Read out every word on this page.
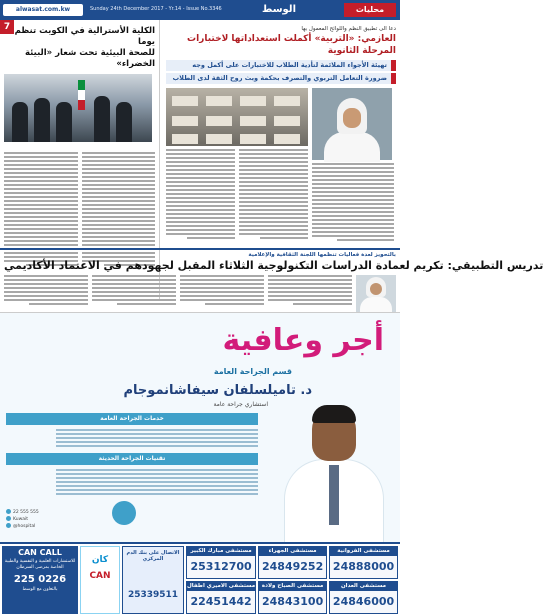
alwasat.com.kw	Sunday 24th December 2017 - Yr.14 - Issue No.3346	الوسط	محليات
الكلية الأسترالية في الكويت تنظم يوما
للصحة البيئية تحت شعار «البيئة الخضراء»
دعا الى تطبيق النظم واللوائح المعمول بها
العازمي: «التربية» أكملت استعداداتها لاختبارات المرحلة الثانوية
تهيئة الأجواء الملائمة لتأدية الطلاب للاختبارات على أكمل وجه
ضرورة التعامل التربوي والتصرف بحكمة وبث روح الثقة لدى الطلاب
بالتحويز لعدة فعاليات تنظمها اللجنة الثقافية والإعلامية
تدريس التطبيقي: تكريم لعمادة الدراسات التكنولوجية الثلاثاء المقبل لجهودهم في الاعتماد الأكاديمي
أجر وعافية
قسم الجراحة العامة
د. تاميلسلفان سيفاشانموجام
استشاري جراحة عامة
خدمات الجراحة العامة
تقنيات الجراحة الحديثة
22 555 555
Kuwait
@hospital
CAN CALL
للاستشارات العلمية و النفسية والطبية الخاصة بمرضى السرطان
225 0226
بالتعاون مع الوسط
كان
CAN
الاتصال على بنك الدم المركزي
25339511
مستشفى مبارك الكبير
25312700
مستشفى الجهراء
24849252
مستشفى الفروانية
24888000
مستشفى الاميري اطفال
22451442
مستشفى الصباح ولادة
24843100
مستشفى العدان
24846000
7
